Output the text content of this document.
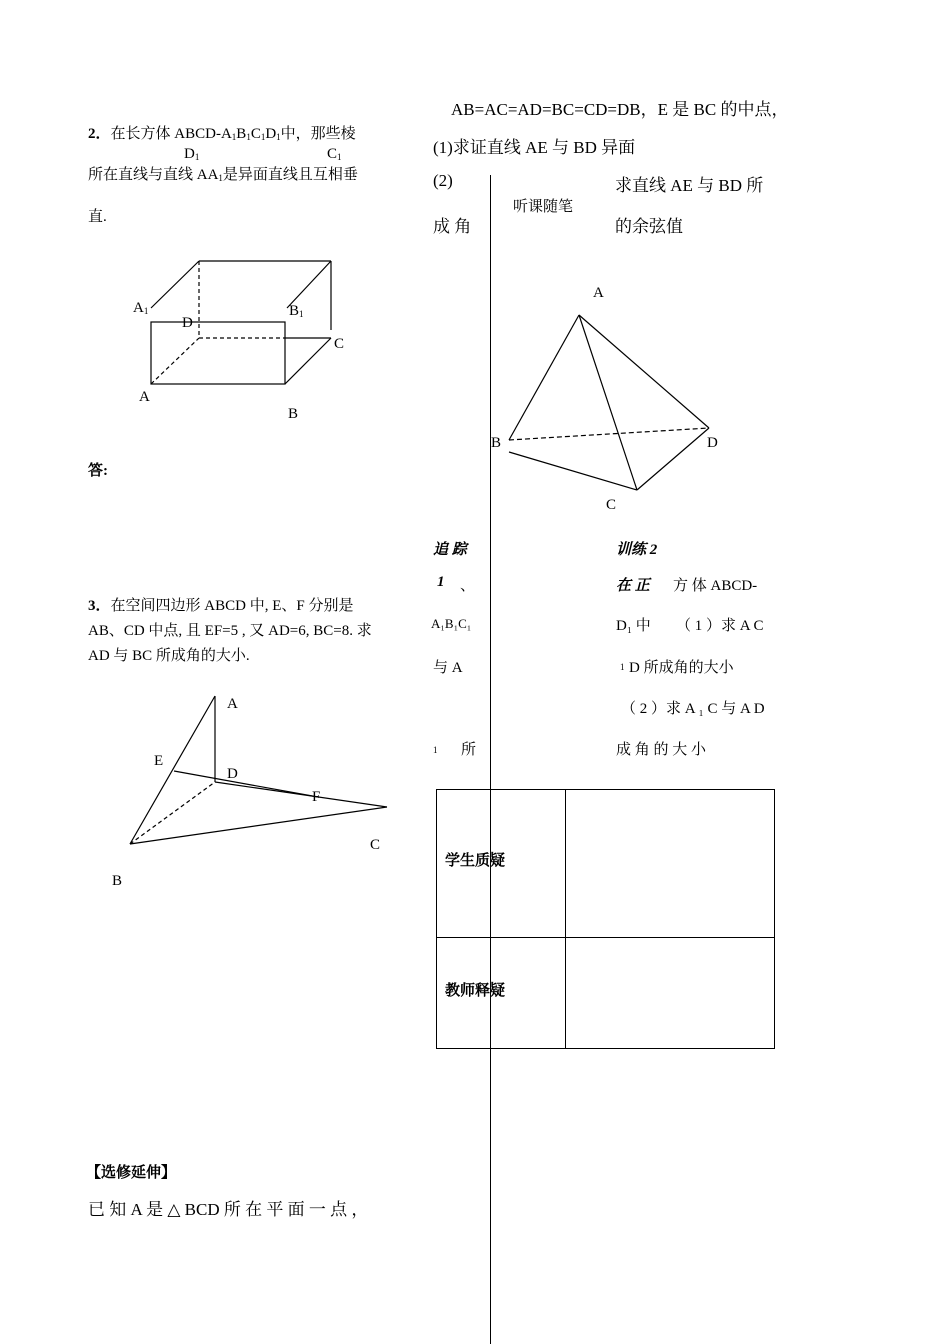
2．在长方体 ABCD-$A_1B_1C_1D_1$中，那些棱
$D_1$	$C_1$
所在直线与直线 $AA_1$是异面直线且互相垂
直.
$A_1$	$B_1$
D
C
A
B
答:
3．在空间四边形 ABCD 中, E、F 分别是
AB、CD 中点, 且 EF=5 , 又 AD=6, BC=8. 求
AD 与 BC 所成角的大小.
A
E
D
F
C
B
【选修延伸】
已 知 A 是 △ BCD 所 在 平 面 一 点 ，
AB=AC=AD=BC=CD=DB，E 是 BC 的中点，
(1)求证直线 AE 与 BD 异面
(2)	求直线 AE 与 BD 所
听课随笔
成 角	的余弦值
A
B	D
C
追 踪	训练 2
1 、	在 正 方 体 ABCD-
A₁B₁C₁	D₁ 中 （ 1 ）求 A C
与 A	1 D 所成角的大小
（ 2 ）求 A ₁ C 与 A D
1 所	成 角 的 大 小
学生质疑
教师释疑
